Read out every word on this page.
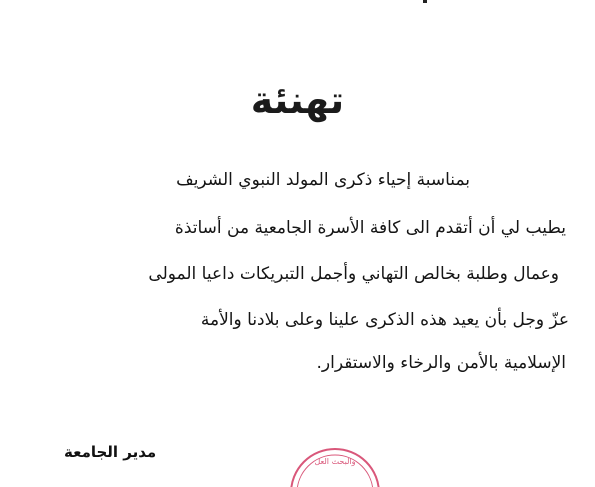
تهنئة
بمناسبة إحياء ذكرى المولد النبوي الشريف
يطيب لي أن أتقدم الى كافة الأسرة الجامعية من أساتذة
وعمال وطلبة بخالص التهاني وأجمل التبريكات داعيا المولى
عزّ وجل بأن يعيد هذه الذكرى علينا وعلى بلادنا والأمة
الإسلامية بالأمن والرخاء والاستقرار.
مدير الجامعة
والبحث العل
